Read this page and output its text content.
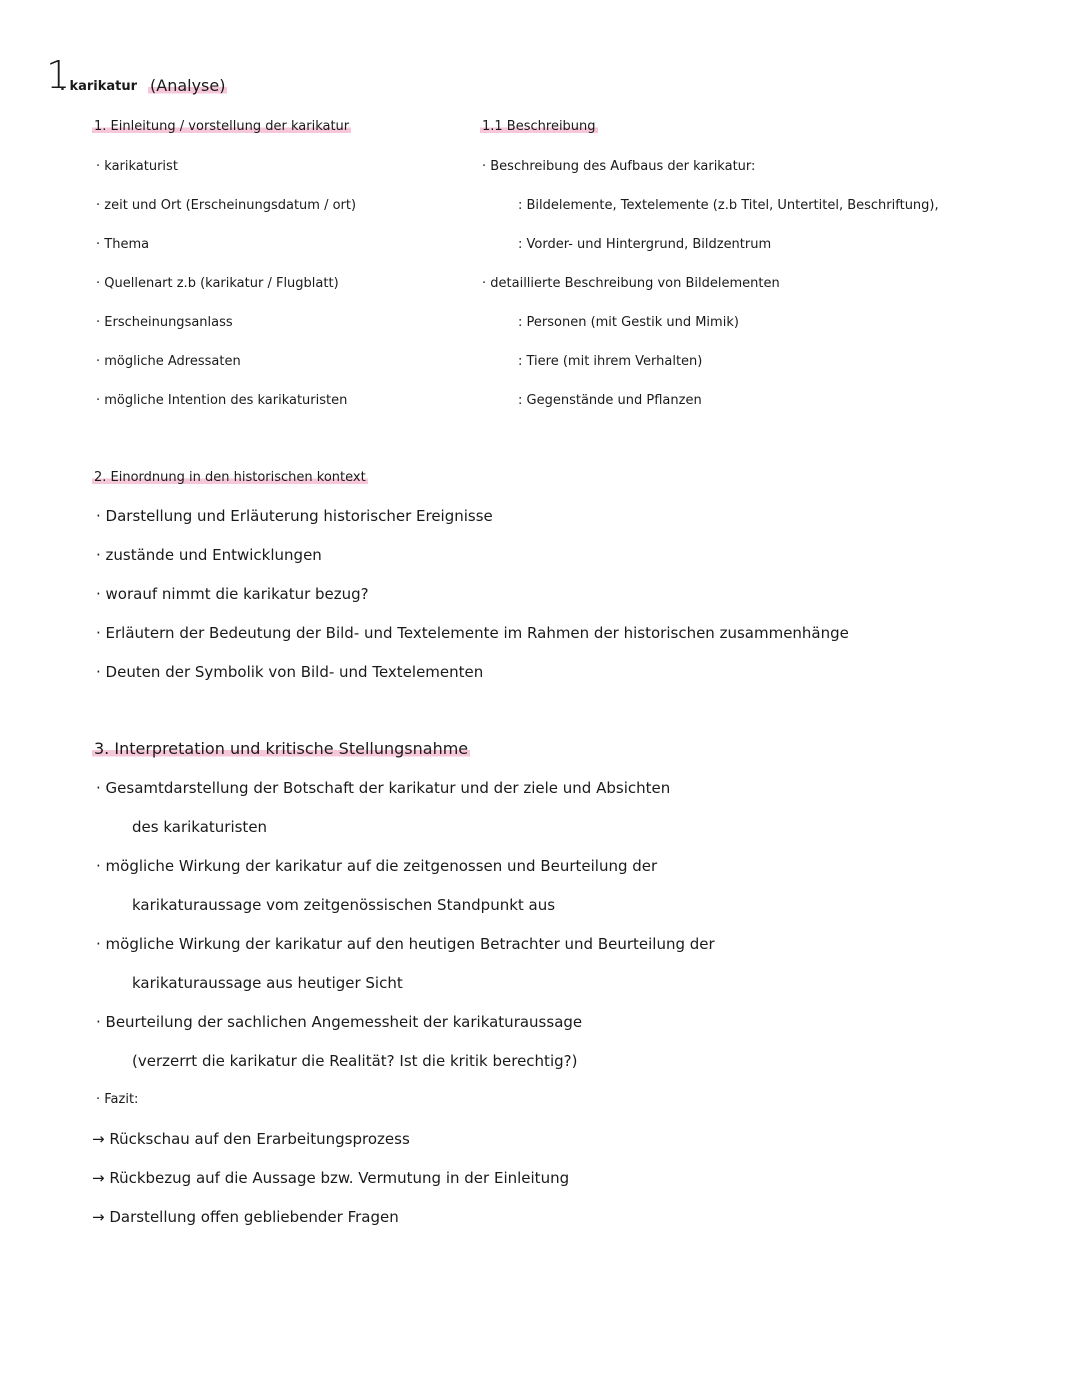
1
. karikatur (Analyse)
1. Einleitung / vorstellung der karikatur
· karikaturist
· zeit und Ort (Erscheinungsdatum / ort)
· Thema
· Quellenart z.b (karikatur / Flugblatt)
· Erscheinungsanlass
· mögliche Adressaten
· mögliche Intention des karikaturisten
1.1 Beschreibung
· Beschreibung des Aufbaus der karikatur:
: Bildelemente, Textelemente (z.b Titel, Untertitel, Beschriftung),
: Vorder- und Hintergrund, Bildzentrum
· detaillierte Beschreibung von Bildelementen
: Personen (mit Gestik und Mimik)
: Tiere (mit ihrem Verhalten)
: Gegenstände und Pflanzen
2. Einordnung in den historischen kontext
· Darstellung und Erläuterung historischer Ereignisse
· zustände und Entwicklungen
· worauf nimmt die karikatur bezug?
· Erläutern der Bedeutung der Bild- und Textelemente im Rahmen der historischen zusammenhänge
· Deuten der Symbolik von Bild- und Textelementen
3. Interpretation und kritische Stellungsnahme
· Gesamtdarstellung der Botschaft der karikatur und der ziele und Absichten
des karikaturisten
· mögliche Wirkung der karikatur auf die zeitgenossen und Beurteilung der
karikaturaussage vom zeitgenössischen Standpunkt aus
· mögliche Wirkung der karikatur auf den heutigen Betrachter und Beurteilung der
karikaturaussage aus heutiger Sicht
· Beurteilung der sachlichen Angemessheit der karikaturaussage
(verzerrt die karikatur die Realität? Ist die kritik berechtig?)
· Fazit:
→ Rückschau auf den Erarbeitungsprozess
→ Rückbezug auf die Aussage bzw. Vermutung in der Einleitung
→ Darstellung offen gebliebender Fragen
